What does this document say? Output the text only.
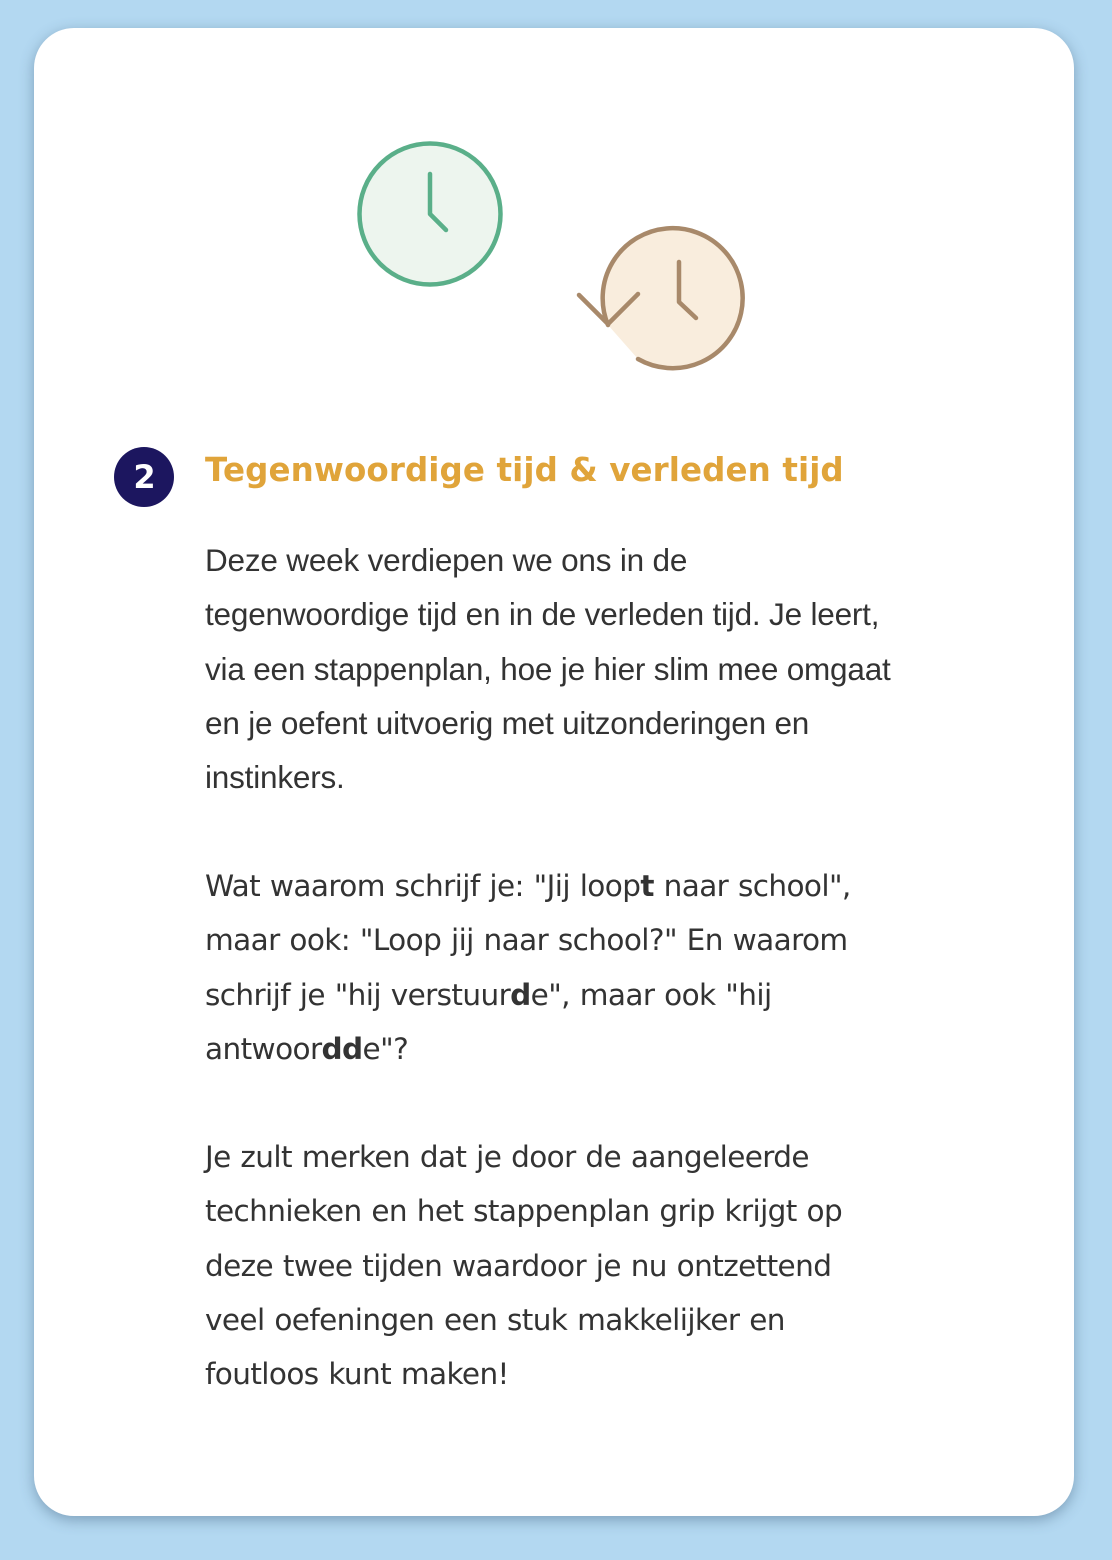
2	Tegenwoordige tijd & verleden tijd

Deze week verdiepen we ons in de
tegenwoordige tijd en in de verleden tijd. Je leert,
via een stappenplan, hoe je hier slim mee omgaat
en je oefent uitvoerig met uitzonderingen en
instinkers.

Wat waarom schrijf je: "Jij loopt naar school",
maar ook: "Loop jij naar school?" En waarom
schrijf je "hij verstuurde", maar ook "hij
antwoordde"?

Je zult merken dat je door de aangeleerde
technieken en het stappenplan grip krijgt op
deze twee tijden waardoor je nu ontzettend
veel oefeningen een stuk makkelijker en
foutloos kunt maken!
